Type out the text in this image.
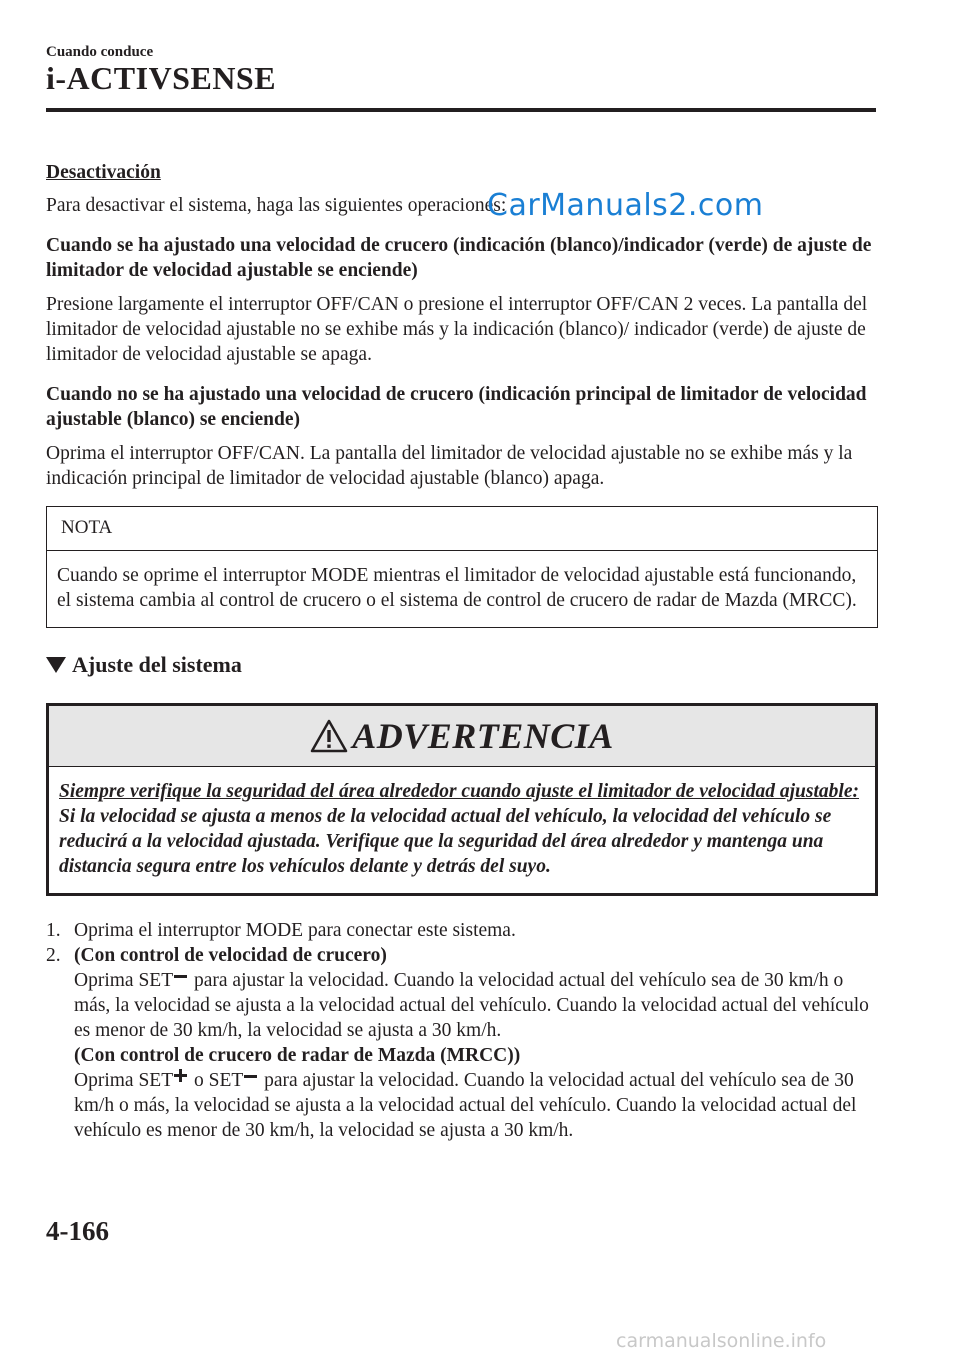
Cuando conduce
i-ACTIVSENSE
Desactivación

Para desactivar el sistema, haga las siguientes operaciones:

Cuando se ha ajustado una velocidad de crucero (indicación (blanco)/indicador (verde) de ajuste de limitador de velocidad ajustable se enciende)

Presione largamente el interruptor OFF/CAN o presione el interruptor OFF/CAN 2 veces. La pantalla del limitador de velocidad ajustable no se exhibe más y la indicación (blanco)/ indicador (verde) de ajuste de limitador de velocidad ajustable se apaga.

Cuando no se ha ajustado una velocidad de crucero (indicación principal de limitador de velocidad ajustable (blanco) se enciende)

Oprima el interruptor OFF/CAN. La pantalla del limitador de velocidad ajustable no se exhibe más y la indicación principal de limitador de velocidad ajustable (blanco) apaga.

NOTA
Cuando se oprime el interruptor MODE mientras el limitador de velocidad ajustable está funcionando, el sistema cambia al control de crucero o el sistema de control de crucero de radar de Mazda (MRCC).
Ajuste del sistema
ADVERTENCIA
Siempre verifique la seguridad del área alrededor cuando ajuste el limitador de velocidad ajustable:
Si la velocidad se ajusta a menos de la velocidad actual del vehículo, la velocidad del vehículo se reducirá a la velocidad ajustada. Verifique que la seguridad del área alrededor y mantenga una distancia segura entre los vehículos delante y detrás del suyo.
1. Oprima el interruptor MODE para conectar este sistema.
2. (Con control de velocidad de crucero)
Oprima SET para ajustar la velocidad. Cuando la velocidad actual del vehículo sea de 30 km/h o más, la velocidad se ajusta a la velocidad actual del vehículo. Cuando la velocidad actual del vehículo es menor de 30 km/h, la velocidad se ajusta a 30 km/h.
(Con control de crucero de radar de Mazda (MRCC))
Oprima SET o SET para ajustar la velocidad. Cuando la velocidad actual del vehículo sea de 30 km/h o más, la velocidad se ajusta a la velocidad actual del vehículo. Cuando la velocidad actual del vehículo es menor de 30 km/h, la velocidad se ajusta a 30 km/h.
CarManuals2.com
4-166
carmanualsonline.info
